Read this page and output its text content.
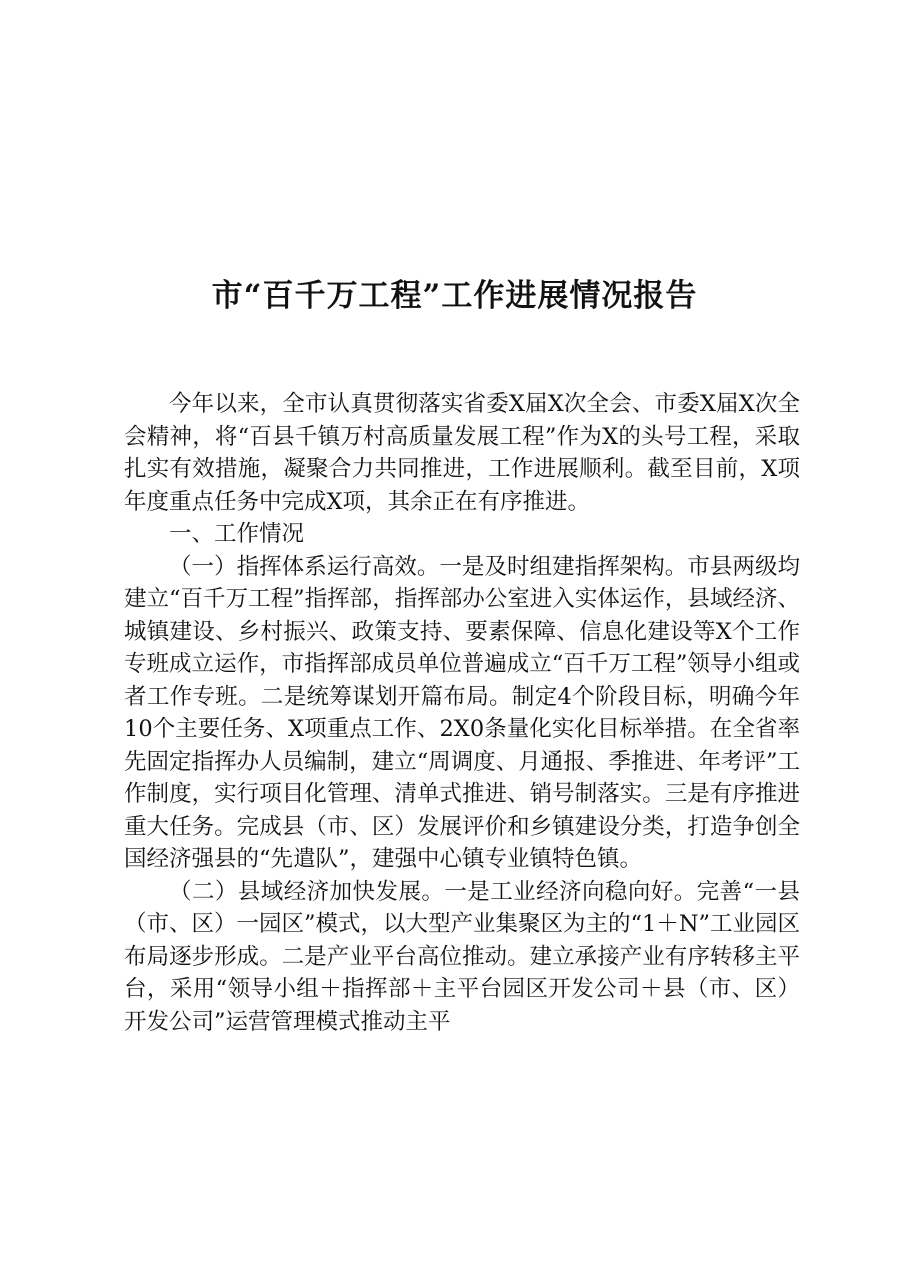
市“百千万工程”工作进展情况报告

今年以来，全市认真贯彻落实省委X届X次全会、市委X届X次全会精神，将“百县千镇万村高质量发展工程”作为X的头号工程，采取扎实有效措施，凝聚合力共同推进，工作进展顺利。截至目前，X项年度重点任务中完成X项，其余正在有序推进。

一、工作情况

（一）指挥体系运行高效。一是及时组建指挥架构。市县两级均建立“百千万工程”指挥部，指挥部办公室进入实体运作，县域经济、城镇建设、乡村振兴、政策支持、要素保障、信息化建设等X个工作专班成立运作，市指挥部成员单位普遍成立“百千万工程”领导小组或者工作专班。二是统筹谋划开篇布局。制定4个阶段目标，明确今年10个主要任务、X项重点工作、2X0条量化实化目标举措。在全省率先固定指挥办人员编制，建立“周调度、月通报、季推进、年考评”工作制度，实行项目化管理、清单式推进、销号制落实。三是有序推进重大任务。完成县（市、区）发展评价和乡镇建设分类，打造争创全国经济强县的“先遣队”，建强中心镇专业镇特色镇。

（二）县域经济加快发展。一是工业经济向稳向好。完善“一县（市、区）一园区”模式，以大型产业集聚区为主的“1＋N”工业园区布局逐步形成。二是产业平台高位推动。建立承接产业有序转移主平台，采用“领导小组＋指挥部＋主平台园区开发公司＋县（市、区）开发公司”运营管理模式推动主平
